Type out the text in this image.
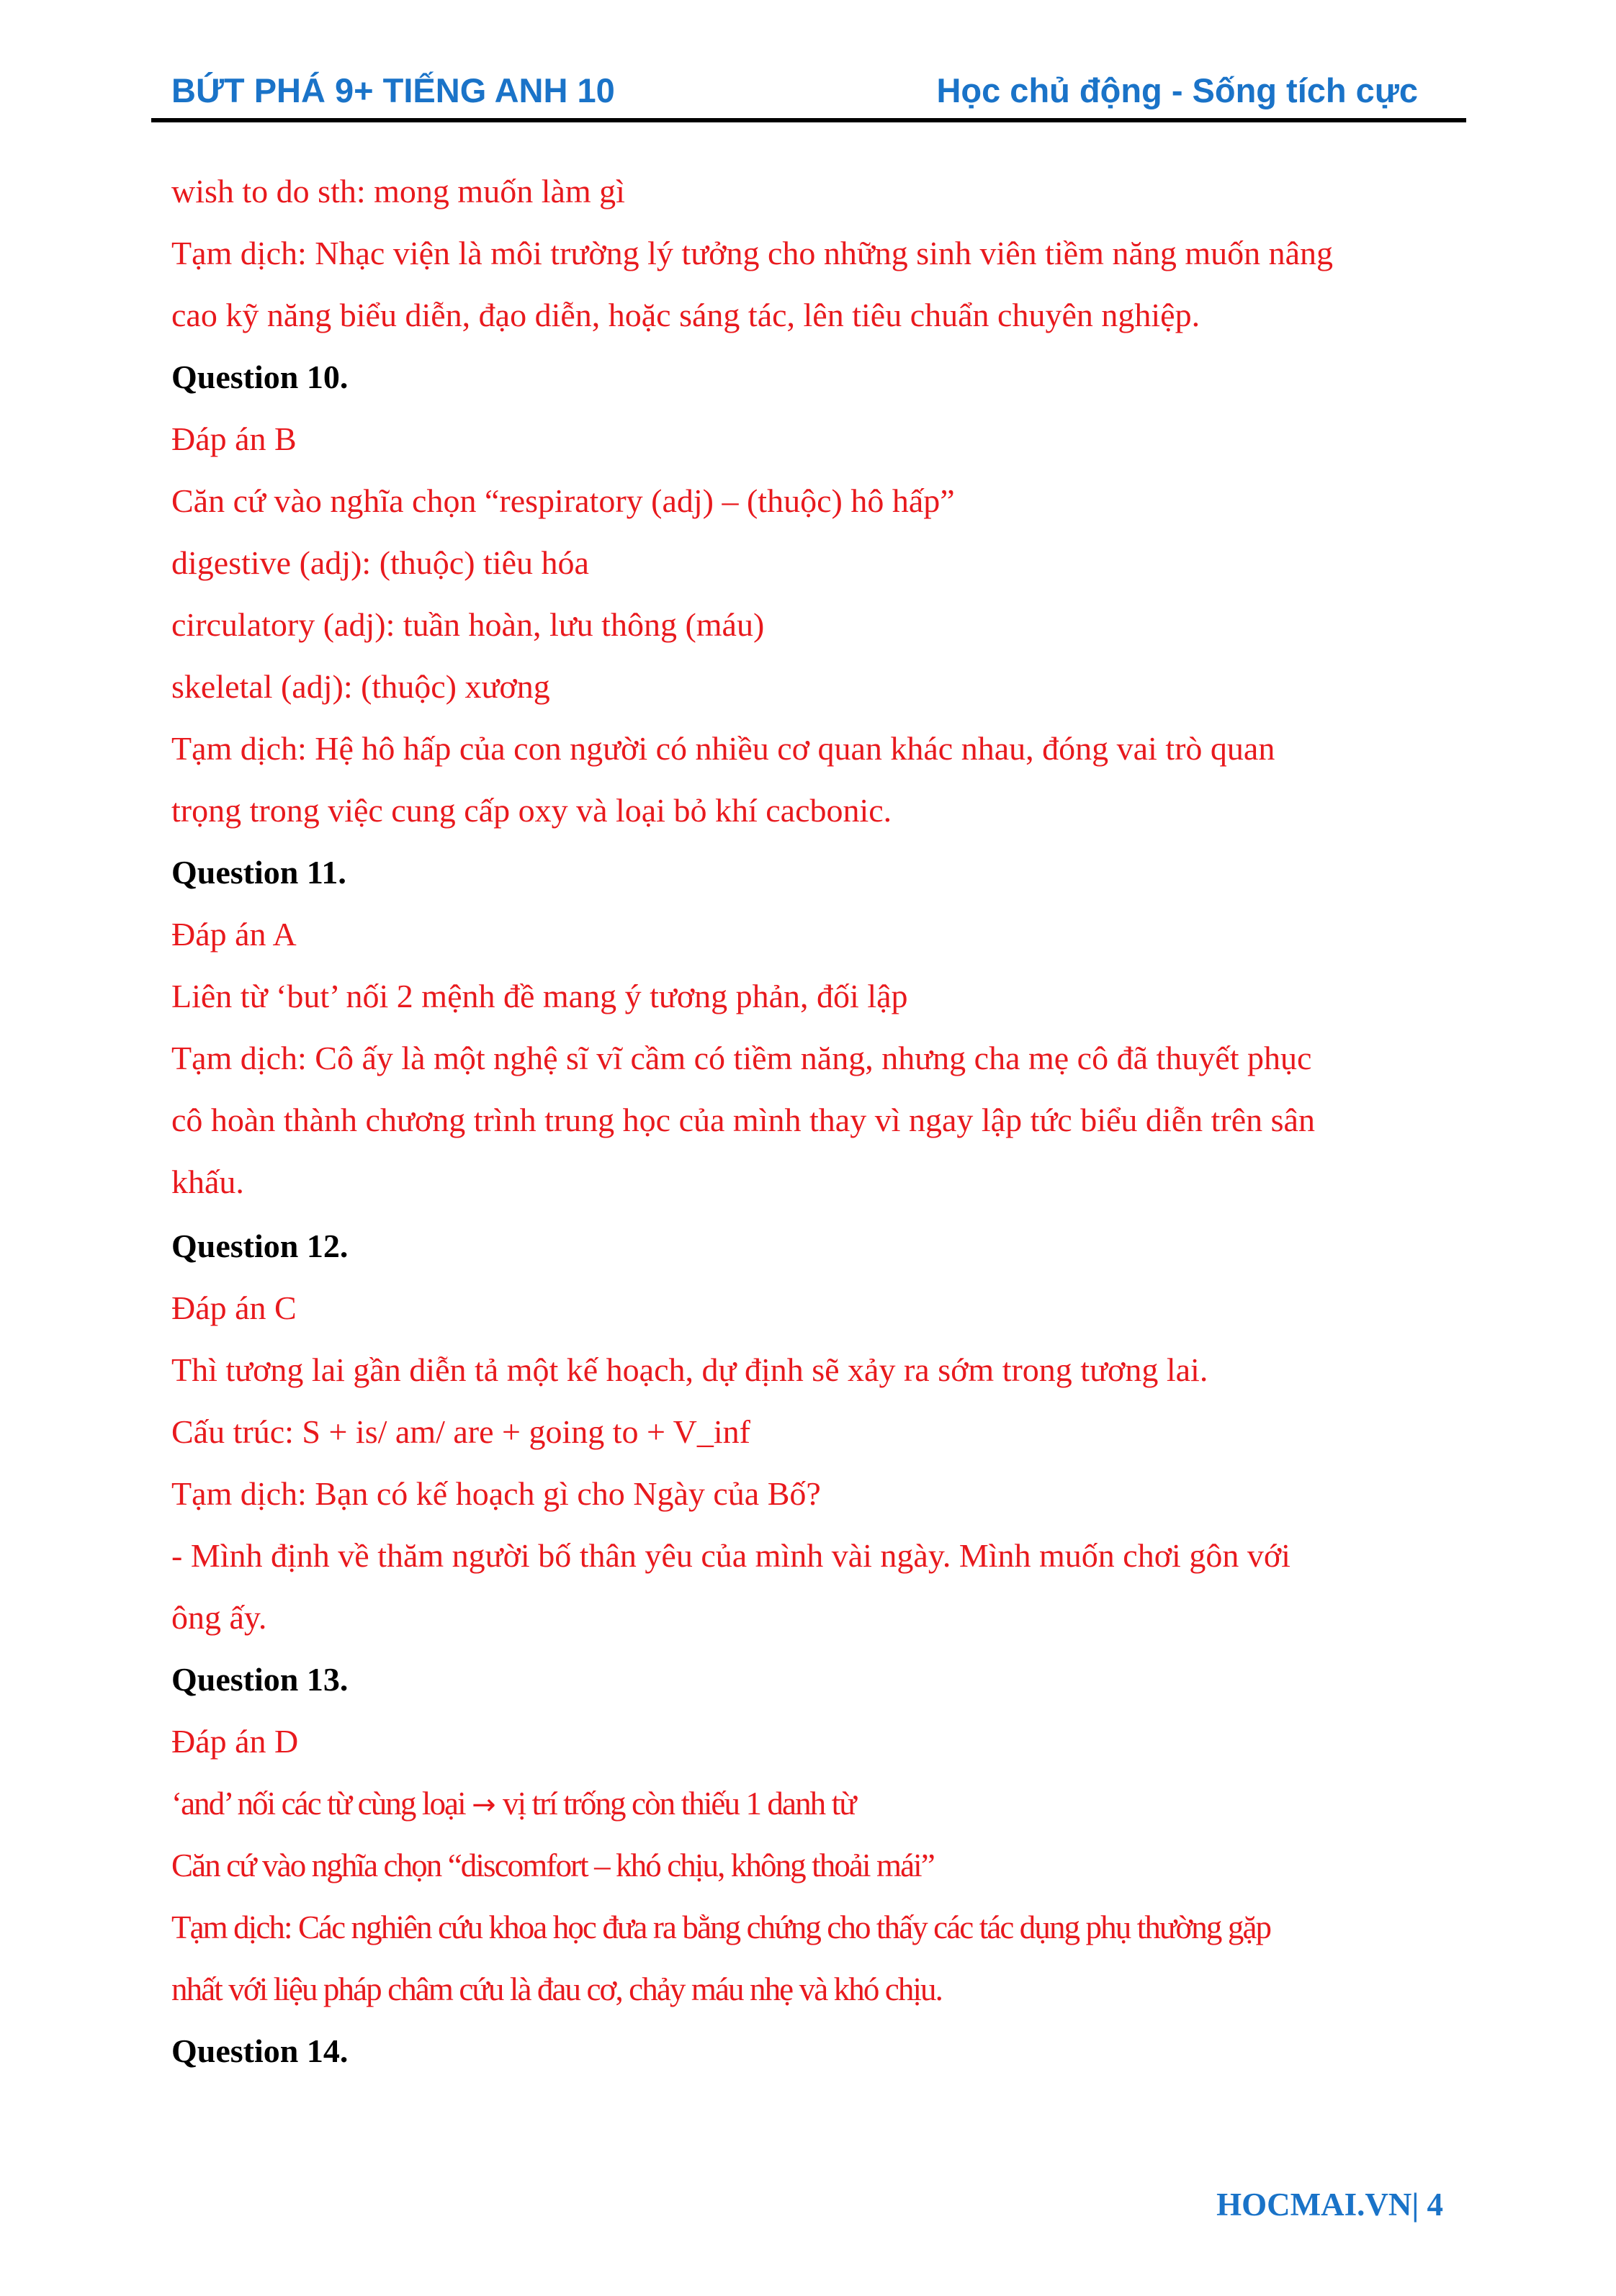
BỨT PHÁ 9+ TIẾNG ANH 10	Học chủ động - Sống tích cực
wish to do sth: mong muốn làm gì
Tạm dịch: Nhạc viện là môi trường lý tưởng cho những sinh viên tiềm năng muốn nâng
cao kỹ năng biểu diễn, đạo diễn, hoặc sáng tác, lên tiêu chuẩn chuyên nghiệp.
Question 10.
Đáp án B
Căn cứ vào nghĩa chọn “respiratory (adj) – (thuộc) hô hấp”
digestive (adj): (thuộc) tiêu hóa
circulatory (adj): tuần hoàn, lưu thông (máu)
skeletal (adj): (thuộc) xương
Tạm dịch: Hệ hô hấp của con người có nhiều cơ quan khác nhau, đóng vai trò quan
trọng trong việc cung cấp oxy và loại bỏ khí cacbonic.
Question 11.
Đáp án A
Liên từ ‘but’ nối 2 mệnh đề mang ý tương phản, đối lập
Tạm dịch: Cô ấy là một nghệ sĩ vĩ cầm có tiềm năng, nhưng cha mẹ cô đã thuyết phục
cô hoàn thành chương trình trung học của mình thay vì ngay lập tức biểu diễn trên sân
khấu.
Question 12.
Đáp án C
Thì tương lai gần diễn tả một kế hoạch, dự định sẽ xảy ra sớm trong tương lai.
Cấu trúc: S + is/ am/ are + going to + V_inf
Tạm dịch: Bạn có kế hoạch gì cho Ngày của Bố?
- Mình định về thăm người bố thân yêu của mình vài ngày. Mình muốn chơi gôn với
ông ấy.
Question 13.
Đáp án D
‘and’ nối các từ cùng loại → vị trí trống còn thiếu 1 danh từ
Căn cứ vào nghĩa chọn “discomfort – khó chịu, không thoải mái”
Tạm dịch: Các nghiên cứu khoa học đưa ra bằng chứng cho thấy các tác dụng phụ thường gặp
nhất với liệu pháp châm cứu là đau cơ, chảy máu nhẹ và khó chịu.
Question 14.
HOCMAI.VN| 4
